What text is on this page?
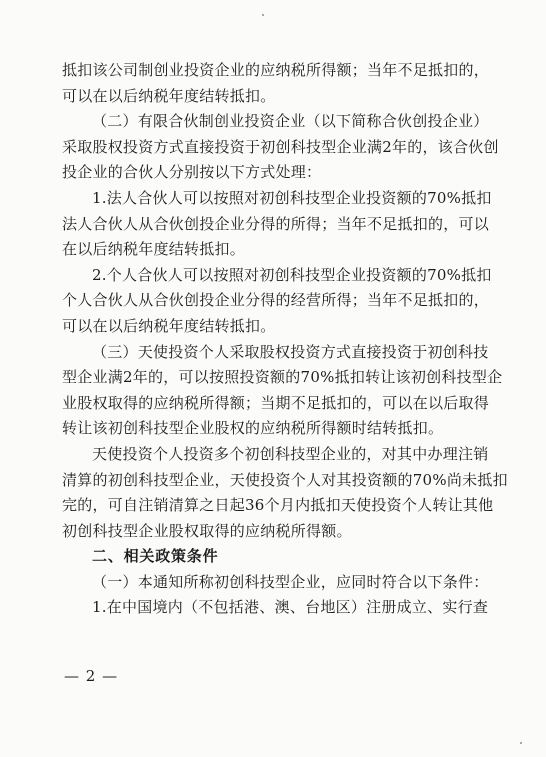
抵扣该公司制创业投资企业的应纳税所得额；当年不足抵扣的，
可以在以后纳税年度结转抵扣。
（二）有限合伙制创业投资企业（以下简称合伙创投企业）
采取股权投资方式直接投资于初创科技型企业满2年的，该合伙创
投企业的合伙人分别按以下方式处理：
1.法人合伙人可以按照对初创科技型企业投资额的70%抵扣
法人合伙人从合伙创投企业分得的所得；当年不足抵扣的，可以
在以后纳税年度结转抵扣。
2.个人合伙人可以按照对初创科技型企业投资额的70%抵扣
个人合伙人从合伙创投企业分得的经营所得；当年不足抵扣的，
可以在以后纳税年度结转抵扣。
（三）天使投资个人采取股权投资方式直接投资于初创科技
型企业满2年的，可以按照投资额的70%抵扣转让该初创科技型企
业股权取得的应纳税所得额；当期不足抵扣的，可以在以后取得
转让该初创科技型企业股权的应纳税所得额时结转抵扣。
天使投资个人投资多个初创科技型企业的，对其中办理注销
清算的初创科技型企业，天使投资个人对其投资额的70%尚未抵扣
完的，可自注销清算之日起36个月内抵扣天使投资个人转让其他
初创科技型企业股权取得的应纳税所得额。
二、相关政策条件
（一）本通知所称初创科技型企业，应同时符合以下条件：
1.在中国境内（不包括港、澳、台地区）注册成立、实行查
— 2 —
